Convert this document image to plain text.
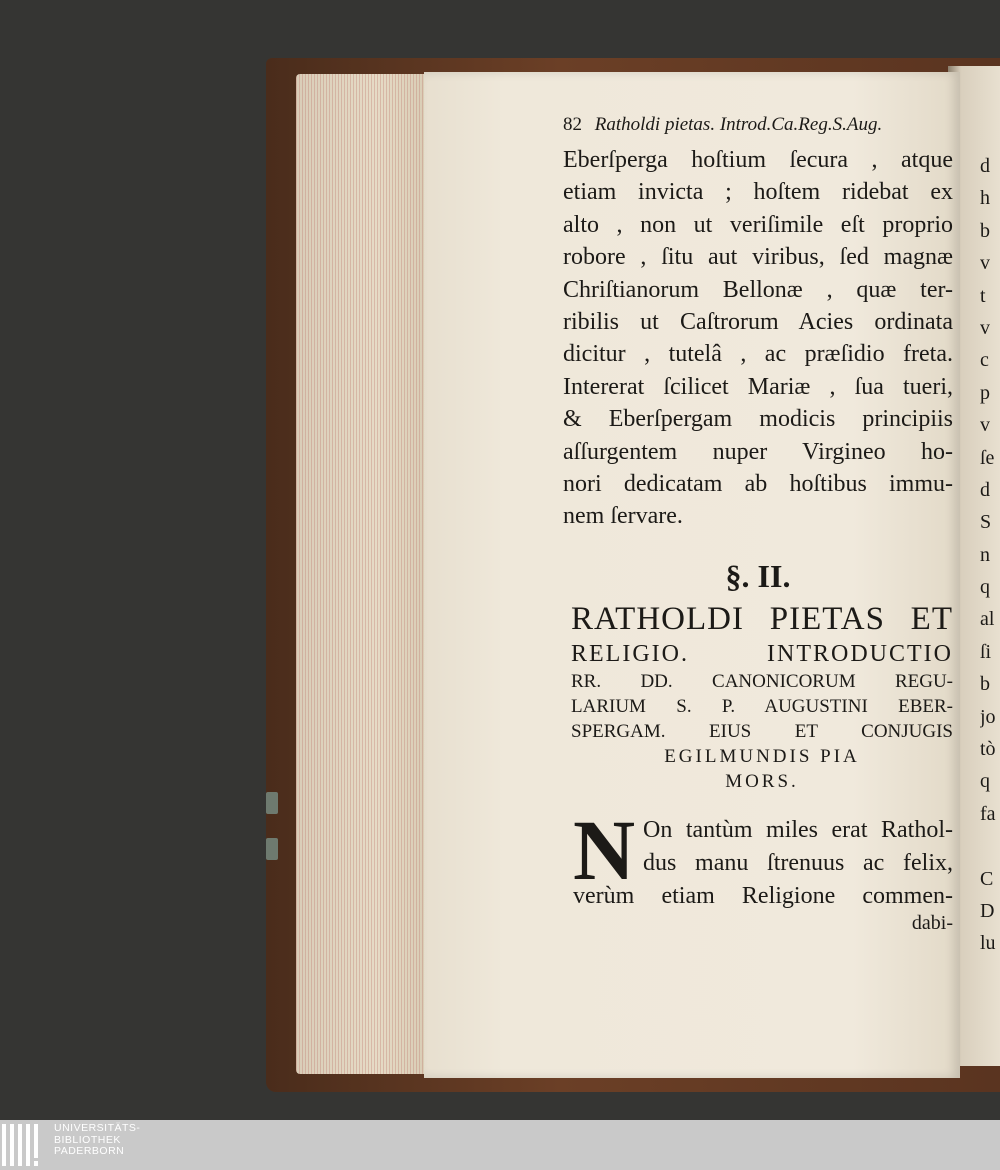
82 Ratholdi pietas. Introd.Ca.Reg.S.Aug.
Eberſperga hoſtium ſecura , atque
etiam invicta ; hoſtem ridebat ex
alto , non ut veriſimile eſt proprio
robore , ſitu aut viribus, ſed magnæ
Chriſtianorum Bellonæ , quæ ter-
ribilis ut Caſtrorum Acies ordinata
dicitur , tutelâ , ac præſidio freta.
Intererat ſcilicet Mariæ , ſua tueri,
& Eberſpergam modicis principiis
aſſurgentem nuper Virgineo ho-
nori dedicatam ab hoſtibus immu-
nem ſervare.
§. II.
RATHOLDI PIETAS ET
RELIGIO. INTRODUCTIO
RR. DD. CANONICORUM REGU-
LARIUM S. P. AUGUSTINI EBER-
SPERGAM. EIUS ET CONJUGIS
EGILMUNDIS PIA
MORS.
N On tantùm miles erat Rathol-
dus manu ſtrenuus ac felix,
verùm etiam Religione commen-
dabi-
d
h
b
v
t
v
c
p
v
ſe
d
S
n
q
al
ſi
b
jo
tò
q
fa
C
D
lu
UNIVERSITÄTS-
BIBLIOTHEK
PADERBORN
